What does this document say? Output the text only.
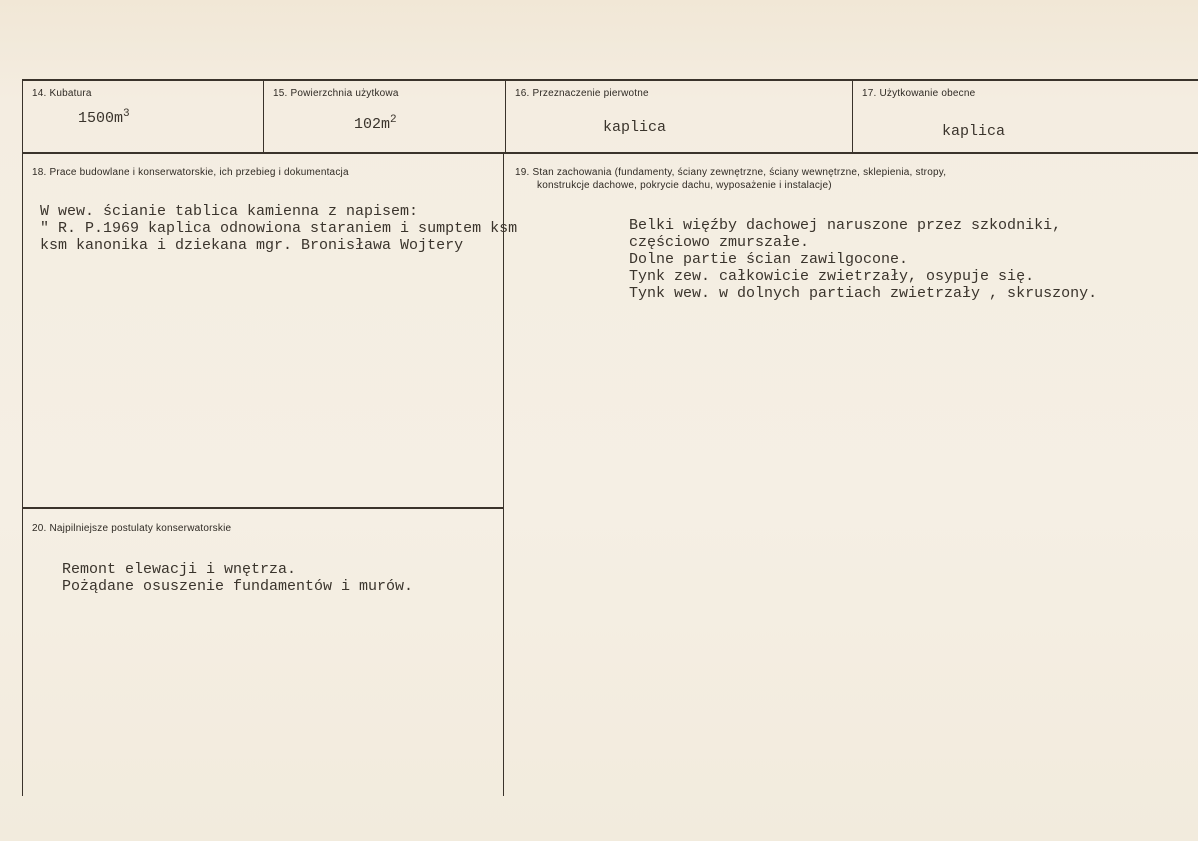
14. Kubatura
$1500m^3$
15. Powierzchnia użytkowa
$102m^2$
16. Przeznaczenie pierwotne
kaplica
17. Użytkowanie obecne
kaplica
18. Prace budowlane i konserwatorskie, ich przebieg i dokumentacja
W wew. ścianie tablica kamienna z napisem:
" R. P.1969 kaplica odnowiona staraniem i sumptem ksm
ksm kanonika i dziekana mgr. Bronisława Wojtery
19. Stan zachowania (fundamenty, ściany zewnętrzne, ściany wewnętrzne, sklepienia, stropy,
konstrukcje dachowe, pokrycie dachu, wyposażenie i instalacje)
Belki więźby dachowej naruszone przez szkodniki,
częściowo zmurszałe.
Dolne partie ścian zawilgocone.
Tynk zew. całkowicie zwietrzały, osypuje się.
Tynk wew. w dolnych partiach zwietrzały , skruszony.
20. Najpilniejsze postulaty konserwatorskie
Remont elewacji i wnętrza.
Pożądane osuszenie fundamentów i murów.
